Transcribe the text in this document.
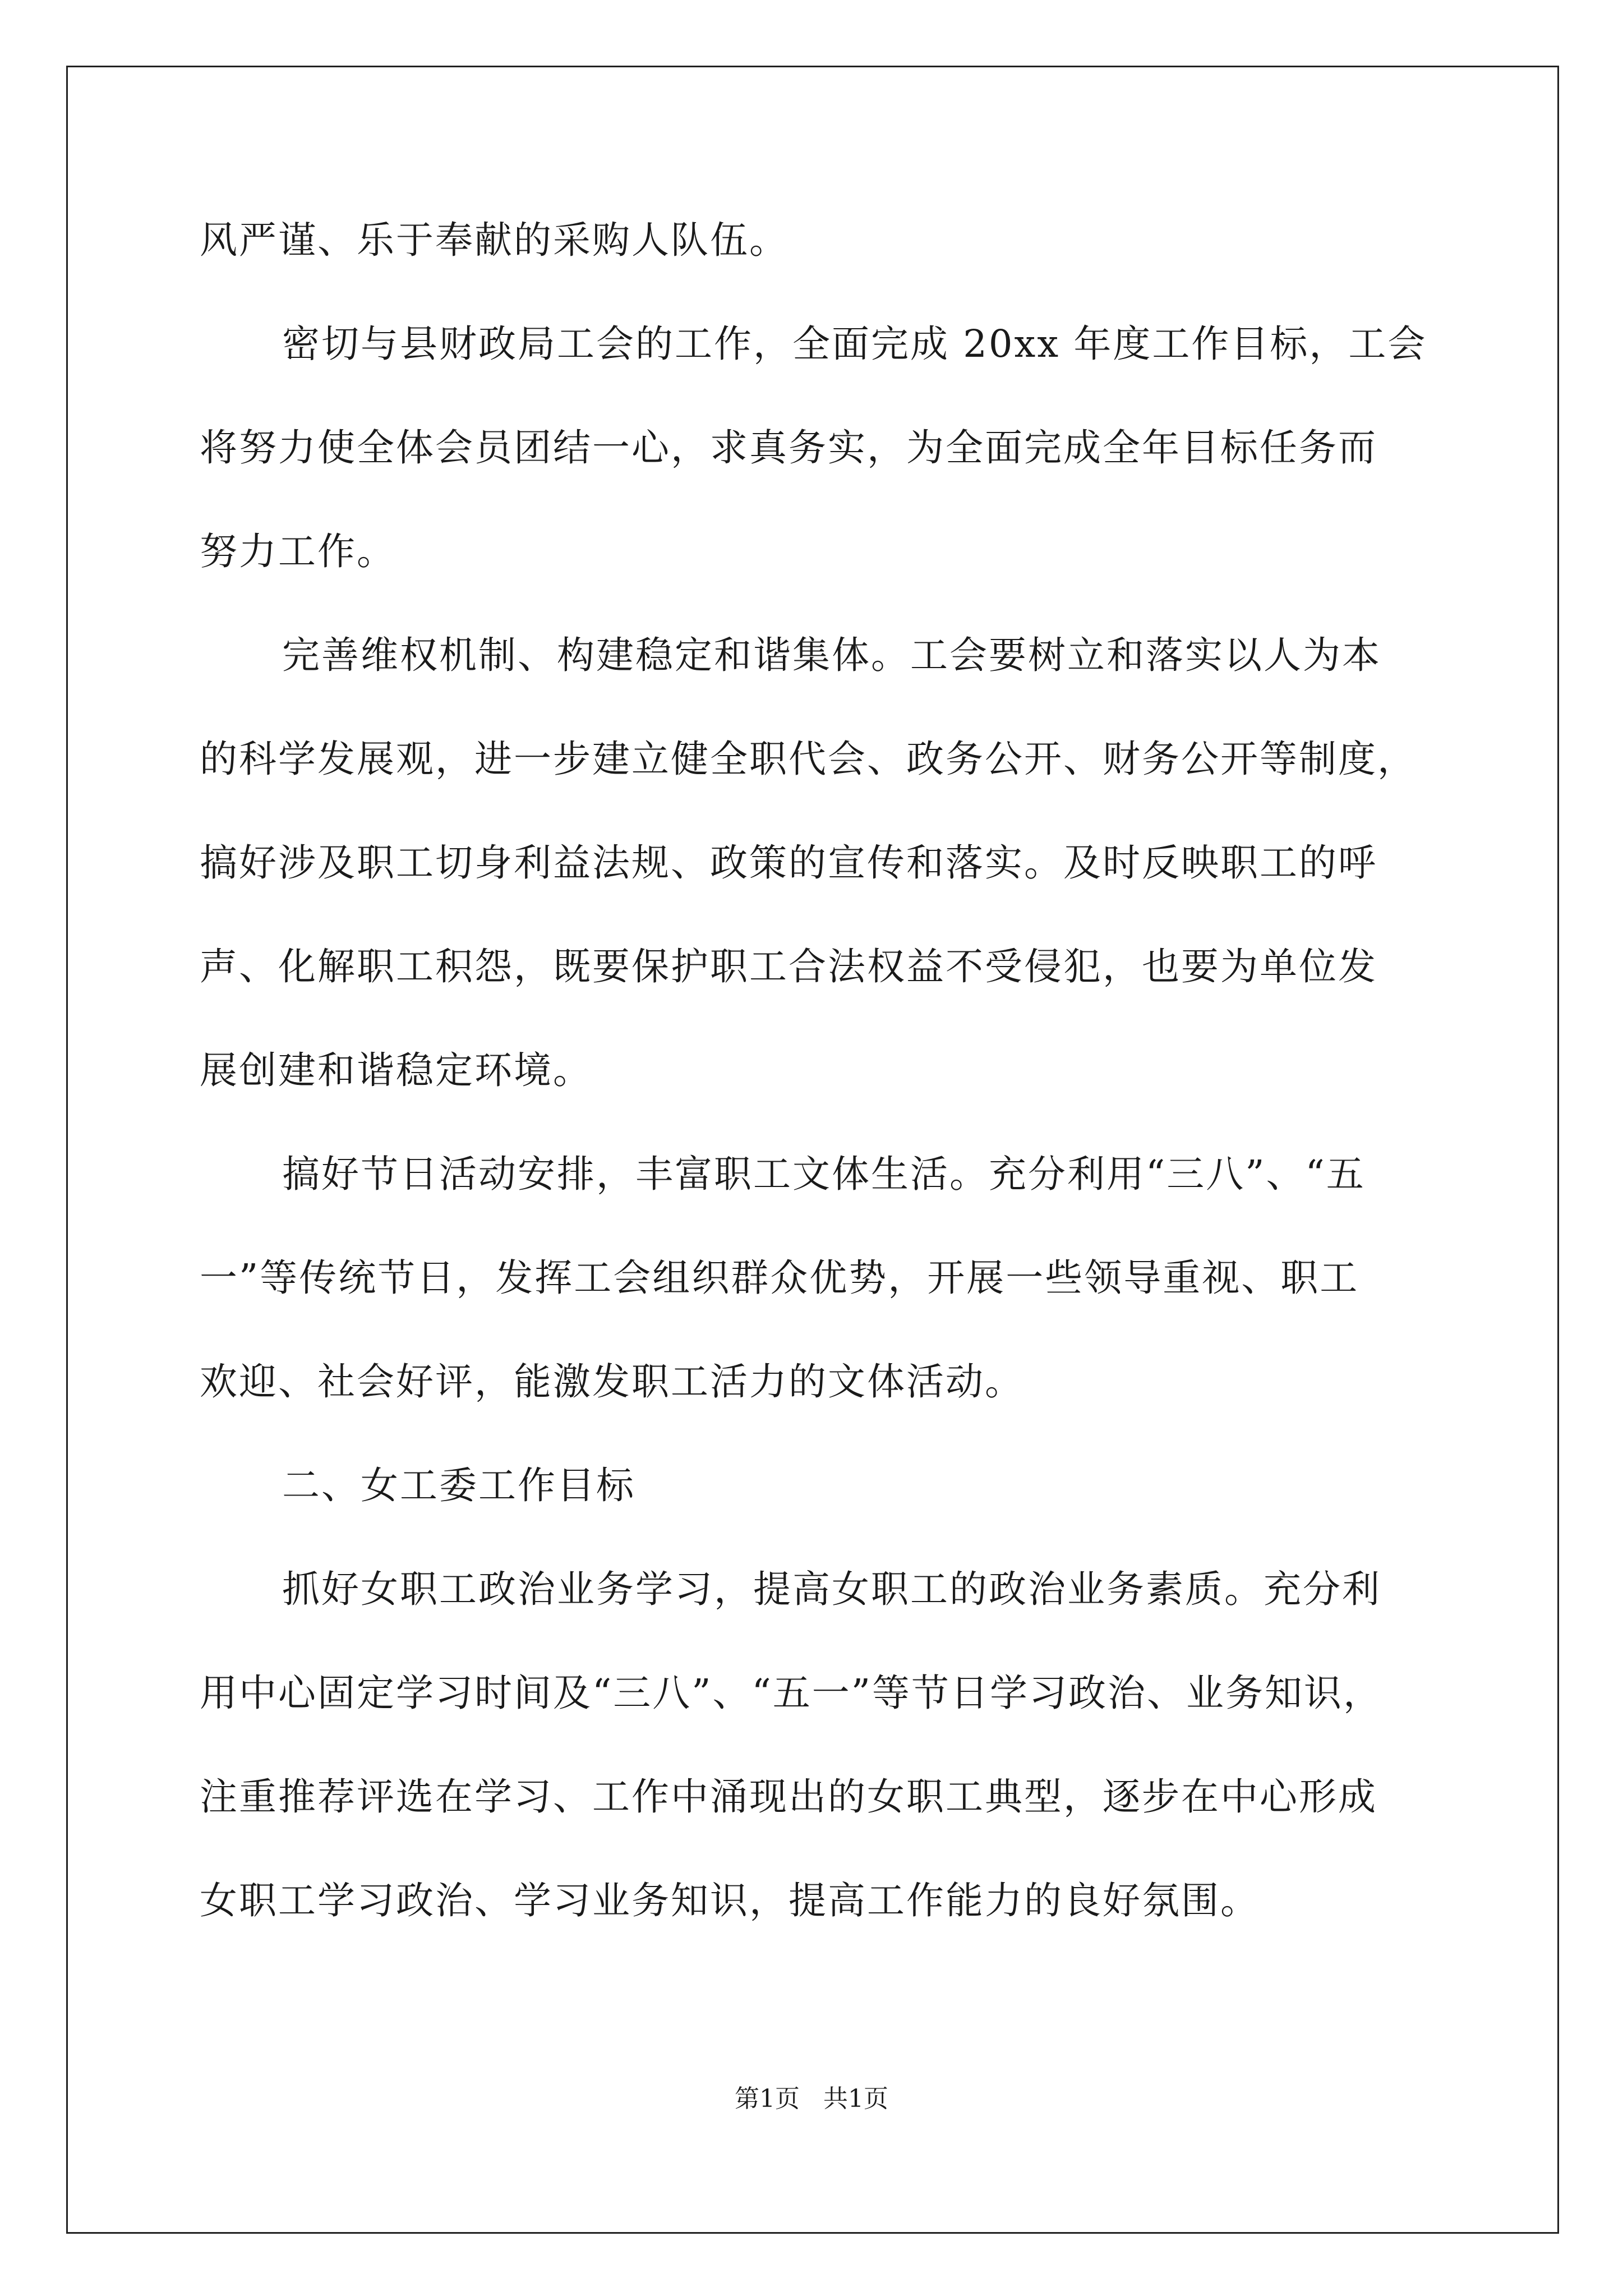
风严谨、乐于奉献的采购人队伍。
密切与县财政局工会的工作，全面完成 20xx 年度工作目标，工会
将努力使全体会员团结一心，求真务实，为全面完成全年目标任务而
努力工作。
完善维权机制、构建稳定和谐集体。工会要树立和落实以人为本
的科学发展观，进一步建立健全职代会、政务公开、财务公开等制度，
搞好涉及职工切身利益法规、政策的宣传和落实。及时反映职工的呼
声、化解职工积怨，既要保护职工合法权益不受侵犯，也要为单位发
展创建和谐稳定环境。
搞好节日活动安排，丰富职工文体生活。充分利用“三八”、“五
一”等传统节日，发挥工会组织群众优势，开展一些领导重视、职工
欢迎、社会好评，能激发职工活力的文体活动。
二、女工委工作目标
抓好女职工政治业务学习，提高女职工的政治业务素质。充分利
用中心固定学习时间及“三八”、“五一”等节日学习政治、业务知识，
注重推荐评选在学习、工作中涌现出的女职工典型，逐步在中心形成
女职工学习政治、学习业务知识，提高工作能力的良好氛围。
第1页   共1页
